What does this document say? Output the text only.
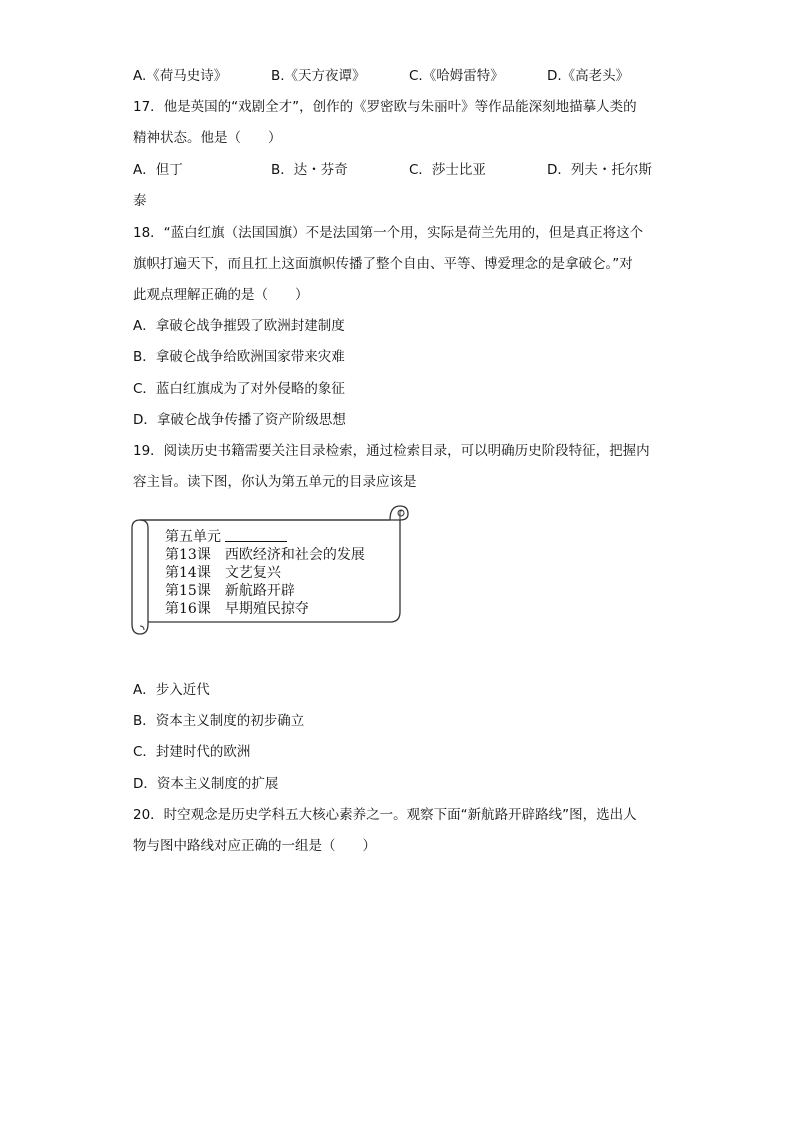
A.《荷马史诗》	B.《天方夜谭》	C.《哈姆雷特》	D.《高老头》
17．他是英国的“戏剧全才”，创作的《罗密欧与朱丽叶》等作品能深刻地描摹人类的
精神状态。他是（　　）
A．但丁	B．达・芬奇	C．莎士比亚	D．列夫・托尔斯
泰
18．“蓝白红旗（法国国旗）不是法国第一个用，实际是荷兰先用的，但是真正将这个
旗帜打遍天下，而且扛上这面旗帜传播了整个自由、平等、博爱理念的是拿破仑。”对
此观点理解正确的是（　　）
A．拿破仑战争摧毁了欧洲封建制度
B．拿破仑战争给欧洲国家带来灾难
C．蓝白红旗成为了对外侵略的象征
D．拿破仑战争传播了资产阶级思想
19．阅读历史书籍需要关注目录检索，通过检索目录，可以明确历史阶段特征，把握内
容主旨。读下图，你认为第五单元的目录应该是
第五单元
第13课　西欧经济和社会的发展
第14课　文艺复兴
第15课　新航路开辟
第16课　早期殖民掠夺
A．步入近代
B．资本主义制度的初步确立
C．封建时代的欧洲
D．资本主义制度的扩展
20．时空观念是历史学科五大核心素养之一。观察下面“新航路开辟路线”图，选出人
物与图中路线对应正确的一组是（　　）
